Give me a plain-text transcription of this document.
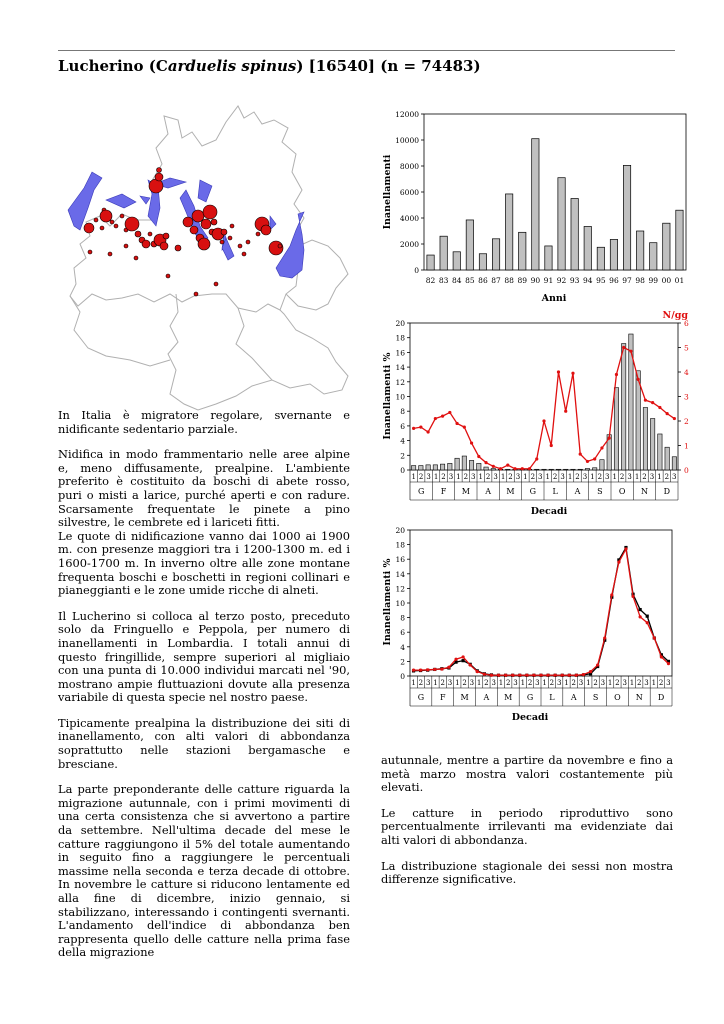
Lucherino (Carduelis spinus) [16540] (n = 74483)
0
2000
4000
6000
8000
10000
12000
82 83 84 85 86 87 88 89 90 91 92 93 94 95 96 97 98 99 00 01
Inanellamenti
Anni
0
2
4
6
8
10
12
14
16
18
20
0
1
2
3
4
5
6
1 2 3 1 2 3 1 2 3 1 2 3 1 2 3 1 2 3 1 2 3 1 2 3 1 2 3 1 2 3 1 2 3 1 2 3
G F M A M G L A S O N D
Inanellamenti %
N/gg
Decadi
0
2
4
6
8
10
12
14
16
18
20
1 2 3 1 2 3 1 2 3 1 2 3 1 2 3 1 2 3 1 2 3 1 2 3 1 2 3 1 2 3 1 2 3 1 2 3
G F M A M G L A S O N D
Inanellamenti %
Decadi

In Italia è migratore regolare, svernante e nidificante sedentario parziale.

Nidifica in modo frammentario nelle aree alpine e, meno diffusamente, prealpine. L'ambiente preferito è costituito da boschi di abete rosso, puri o misti a larice, purché aperti e con radure. Scarsamente frequentate le pinete a pino silvestre, le cembrete ed i lariceti fitti.

Le quote di nidificazione vanno dai 1000 ai 1900 m. con presenze maggiori tra i 1200-1300 m. ed i 1600-1700 m. In inverno oltre alle zone montane frequenta boschi e boschetti in regioni collinari e pianeggianti e le zone umide ricche di alneti.

Il Lucherino si colloca al terzo posto, preceduto solo da Fringuello e Peppola, per numero di inanellamenti in Lombardia. I totali annui di questo fringillide, sempre superiori al migliaio con una punta di 10.000 individui marcati nel '90, mostrano ampie fluttuazioni dovute alla presenza variabile di questa specie nel nostro paese.

Tipicamente prealpina la distribuzione dei siti di inanellamento, con alti valori di abbondanza soprattutto nelle stazioni bergamasche e bresciane.

La parte preponderante delle catture riguarda la migrazione autunnale, con i primi movimenti di una certa consistenza che si avvertono a partire da settembre. Nell'ultima decade del mese le catture raggiungono il 5% del totale aumentando in seguito fino a raggiungere le percentuali massime nella seconda e terza decade di ottobre. In novembre le catture si riducono lentamente ed alla fine di dicembre, inizio gennaio, si stabilizzano, interessando i contingenti svernanti. L'andamento dell'indice di abbondanza ben rappresenta quello delle catture nella prima fase della migrazione

autunnale, mentre a partire da novembre e fino a metà marzo mostra valori costantemente più elevati.

Le catture in periodo riproduttivo sono percentualmente irrilevanti ma evidenziate dai alti valori di abbondanza.

La distribuzione stagionale dei sessi non mostra differenze significative.
